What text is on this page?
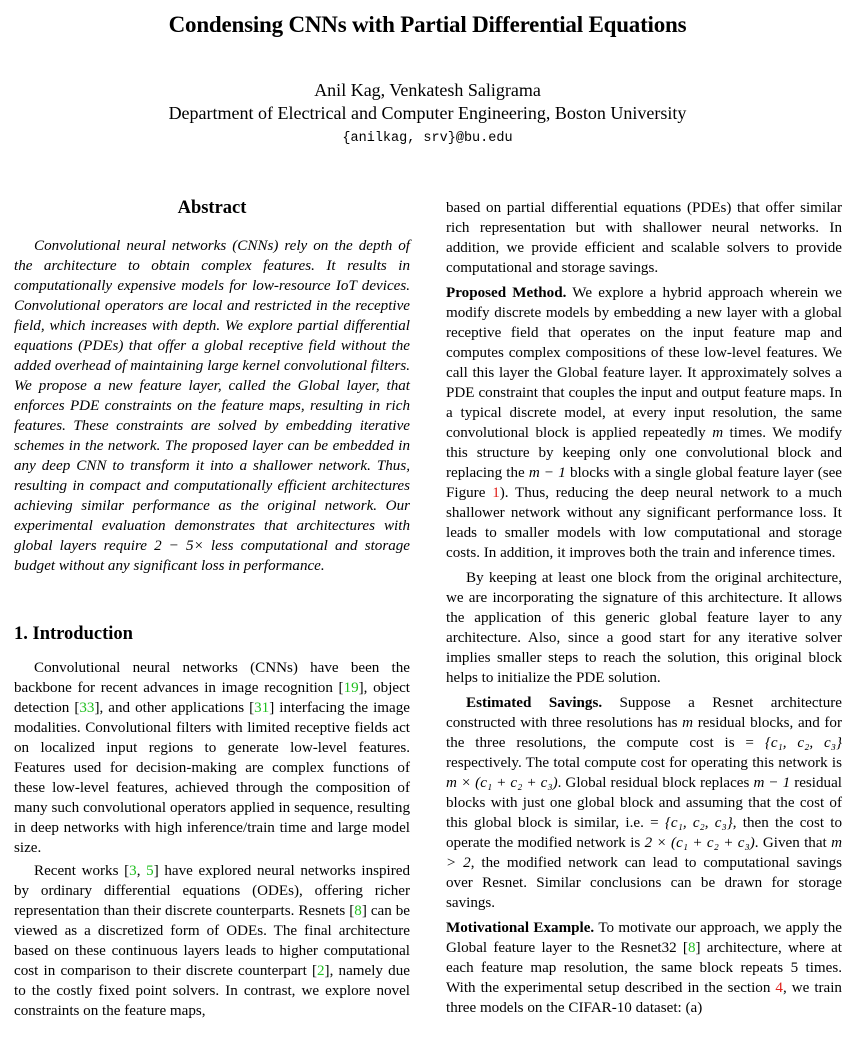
Condensing CNNs with Partial Differential Equations
Anil Kag, Venkatesh Saligrama
Department of Electrical and Computer Engineering, Boston University
{anilkag, srv}@bu.edu
Abstract

Convolutional neural networks (CNNs) rely on the depth of the architecture to obtain complex features. It results in computationally expensive models for low-resource IoT devices. Convolutional operators are local and restricted in the receptive field, which increases with depth. We explore partial differential equations (PDEs) that offer a global receptive field without the added overhead of maintaining large kernel convolutional filters. We propose a new feature layer, called the Global layer, that enforces PDE constraints on the feature maps, resulting in rich features. These constraints are solved by embedding iterative schemes in the network. The proposed layer can be embedded in any deep CNN to transform it into a shallower network. Thus, resulting in compact and computationally efficient architectures achieving similar performance as the original network. Our experimental evaluation demonstrates that architectures with global layers require 2 − 5× less computational and storage budget without any significant loss in performance.

1. Introduction

Convolutional neural networks (CNNs) have been the backbone for recent advances in image recognition [19], object detection [33], and other applications [31] interfacing the image modalities. Convolutional filters with limited receptive fields act on localized input regions to generate low-level features. Features used for decision-making are complex functions of these low-level features, achieved through the composition of many such convolutional operators applied in sequence, resulting in deep networks with high inference/train time and large model size.

Recent works [3, 5] have explored neural networks inspired by ordinary differential equations (ODEs), offering richer representation than their discrete counterparts. Resnets [8] can be viewed as a discretized form of ODEs. The final architecture based on these continuous layers leads to higher computational cost in comparison to their discrete counterpart [2], namely due to the costly fixed point solvers. In contrast, we explore novel constraints on the feature maps,

based on partial differential equations (PDEs) that offer similar rich representation but with shallower neural networks. In addition, we provide efficient and scalable solvers to provide computational and storage savings.

Proposed Method. We explore a hybrid approach wherein we modify discrete models by embedding a new layer with a global receptive field that operates on the input feature map and computes complex compositions of these low-level features. We call this layer the Global feature layer. It approximately solves a PDE constraint that couples the input and output feature maps. In a typical discrete model, at every input resolution, the same convolutional block is applied repeatedly m times. We modify this structure by keeping only one convolutional block and replacing the m − 1 blocks with a single global feature layer (see Figure 1). Thus, reducing the deep neural network to a much shallower network without any significant performance loss. It leads to smaller models with low computational and storage costs. In addition, it improves both the train and inference times.

By keeping at least one block from the original architecture, we are incorporating the signature of this architecture. It allows the application of this generic global feature layer to any architecture. Also, since a good start for any iterative solver implies smaller steps to reach the solution, this original block helps to initialize the PDE solution.

Estimated Savings. Suppose a Resnet architecture constructed with three resolutions has m residual blocks, and for the three resolutions, the compute cost is = {c₁, c₂, c₃} respectively. The total compute cost for operating this network is m × (c₁ + c₂ + c₃). Global residual block replaces m − 1 residual blocks with just one global block and assuming that the cost of this global block is similar, i.e. = {c₁, c₂, c₃}, then the cost to operate the modified network is 2 × (c₁ + c₂ + c₃). Given that m > 2, the modified network can lead to computational savings over Resnet. Similar conclusions can be drawn for storage savings.

Motivational Example. To motivate our approach, we apply the Global feature layer to the Resnet32 [8] architecture, where at each feature map resolution, the same block repeats 5 times. With the experimental setup described in the section 4, we train three models on the CIFAR-10 dataset: (a)
